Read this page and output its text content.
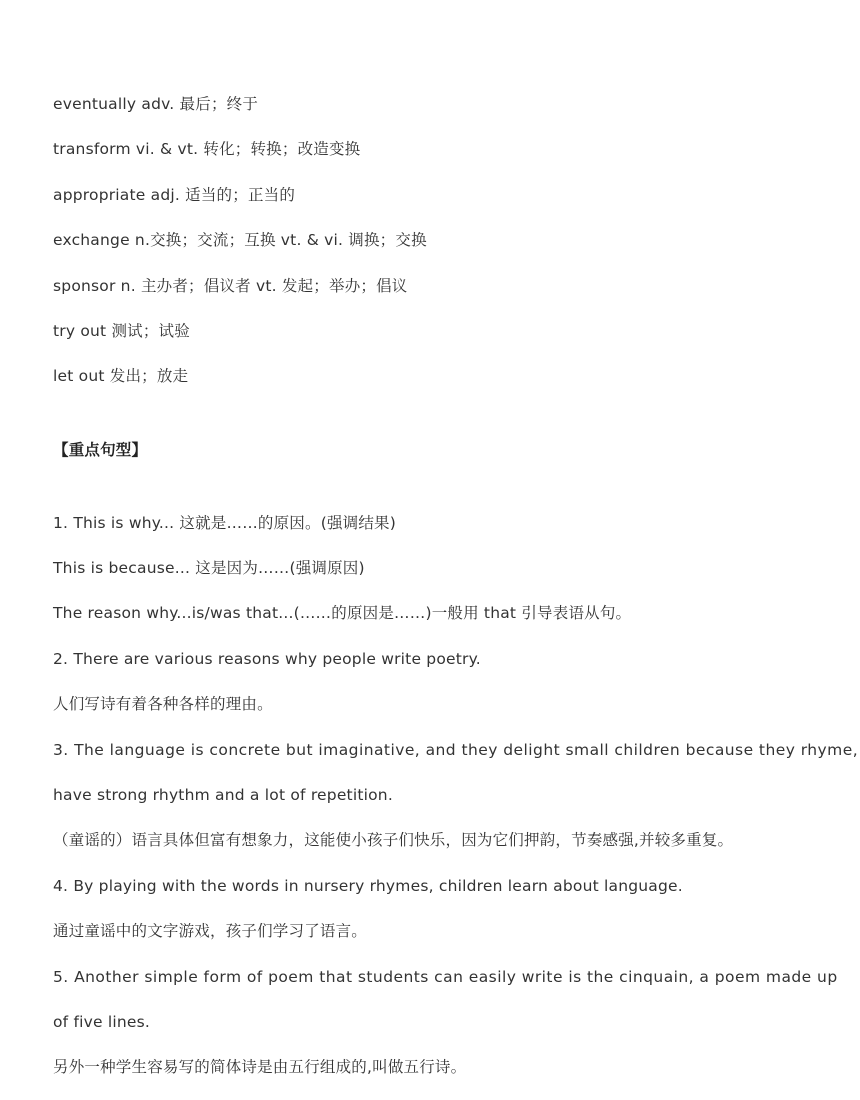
eventually adv. 最后；终于
transform vi. & vt. 转化；转换；改造变换
appropriate adj. 适当的；正当的
exchange n.交换；交流；互换 vt. & vi. 调换；交换
sponsor n. 主办者；倡议者 vt. 发起；举办；倡议
try out 测试；试验
let out 发出；放走
【重点句型】
1. This is why... 这就是……的原因。(强调结果)
This is because... 这是因为……(强调原因)
The reason why...is/was that...(……的原因是……)一般用 that 引导表语从句。
2. There are various reasons why people write poetry.
人们写诗有着各种各样的理由。
3. The language is concrete but imaginative, and they delight small children because they rhyme,
have strong rhythm and a lot of repetition.
（童谣的）语言具体但富有想象力，这能使小孩子们快乐，因为它们押韵，节奏感强,并较多重复。
4. By playing with the words in nursery rhymes, children learn about language.
通过童谣中的文字游戏，孩子们学习了语言。
5. Another simple form of poem that students can easily write is the cinquain, a poem made up
of five lines.
另外一种学生容易写的简体诗是由五行组成的,叫做五行诗。
